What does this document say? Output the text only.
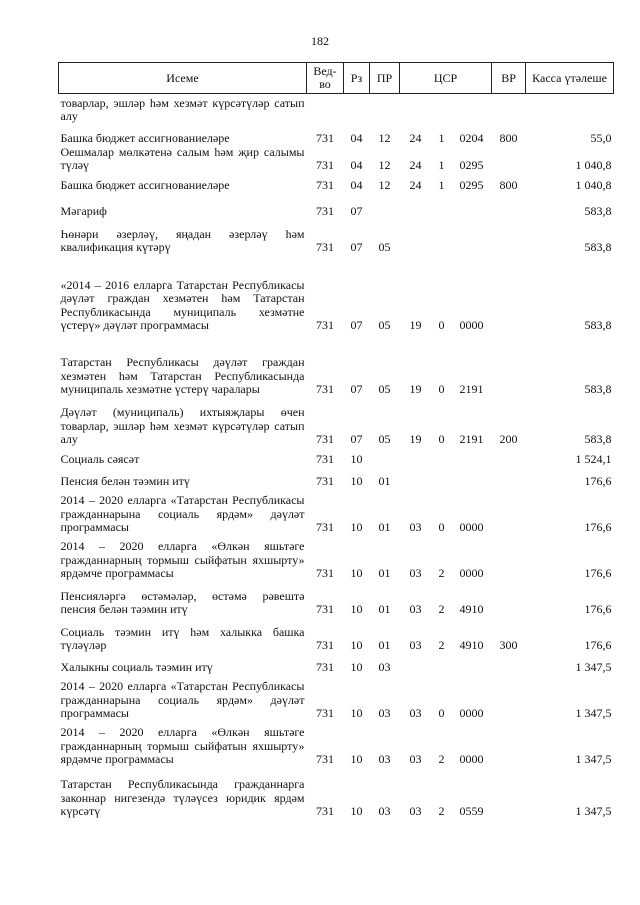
182
Исеме	Вед-во	Рз	ПР	ЦСР			ВР	Касса үтәлеше
товарлар, эшләр һәм хезмәт күрсәтүләр сатып алу								
Башка бюджет ассигнованиеләре	731	04	12	24	1	0204	800	55,0
Оешмалар мөлкәтенә салым һәм җир салымы түләү	731	04	12	24	1	0295		1 040,8
Башка бюджет ассигнованиеләре	731	04	12	24	1	0295	800	1 040,8
Мәгариф	731	07						583,8
Һөнәри әзерләү, яңадан әзерләү һәм квалификация күтәрү	731	07	05					583,8
«2014 – 2016 елларга Татарстан Республикасы дәүләт граждан хезмәтен һәм Татарстан Республикасында муниципаль хезмәтне үстерү» дәүләт программасы	731	07	05	19	0	0000		583,8
Татарстан Республикасы дәүләт граждан хезмәтен һәм Татарстан Республикасында муниципаль хезмәтне үстерү чаралары	731	07	05	19	0	2191		583,8
Дәүләт (муниципаль) ихтыяҗлары өчен товарлар, эшләр һәм хезмәт күрсәтүләр сатып алу	731	07	05	19	0	2191	200	583,8
Социаль сәясәт	731	10						1 524,1
Пенсия белән тәэмин итү	731	10	01					176,6
2014 – 2020 елларга «Татарстан Республикасы гражданнарына социаль ярдәм» дәүләт программасы	731	10	01	03	0	0000		176,6
2014 – 2020 елларга «Өлкән яшьтәге гражданнарның тормыш сыйфатын яхшырту» ярдәмче программасы	731	10	01	03	2	0000		176,6
Пенсияләргә өстәмәләр, өстәмә рәвештә пенсия белән тәэмин итү	731	10	01	03	2	4910		176,6
Социаль тәэмин итү һәм халыкка башка түләүләр	731	10	01	03	2	4910	300	176,6
Халыкны социаль тәэмин итү	731	10	03					1 347,5
2014 – 2020 елларга «Татарстан Республикасы гражданнарына социаль ярдәм» дәүләт программасы	731	10	03	03	0	0000		1 347,5
2014 – 2020 елларга «Өлкән яшьтәге гражданнарның тормыш сыйфатын яхшырту» ярдәмче программасы	731	10	03	03	2	0000		1 347,5
Татарстан Республикасында гражданнарга законнар нигезендә түләүсез юридик ярдәм күрсәтү	731	10	03	03	2	0559		1 347,5
